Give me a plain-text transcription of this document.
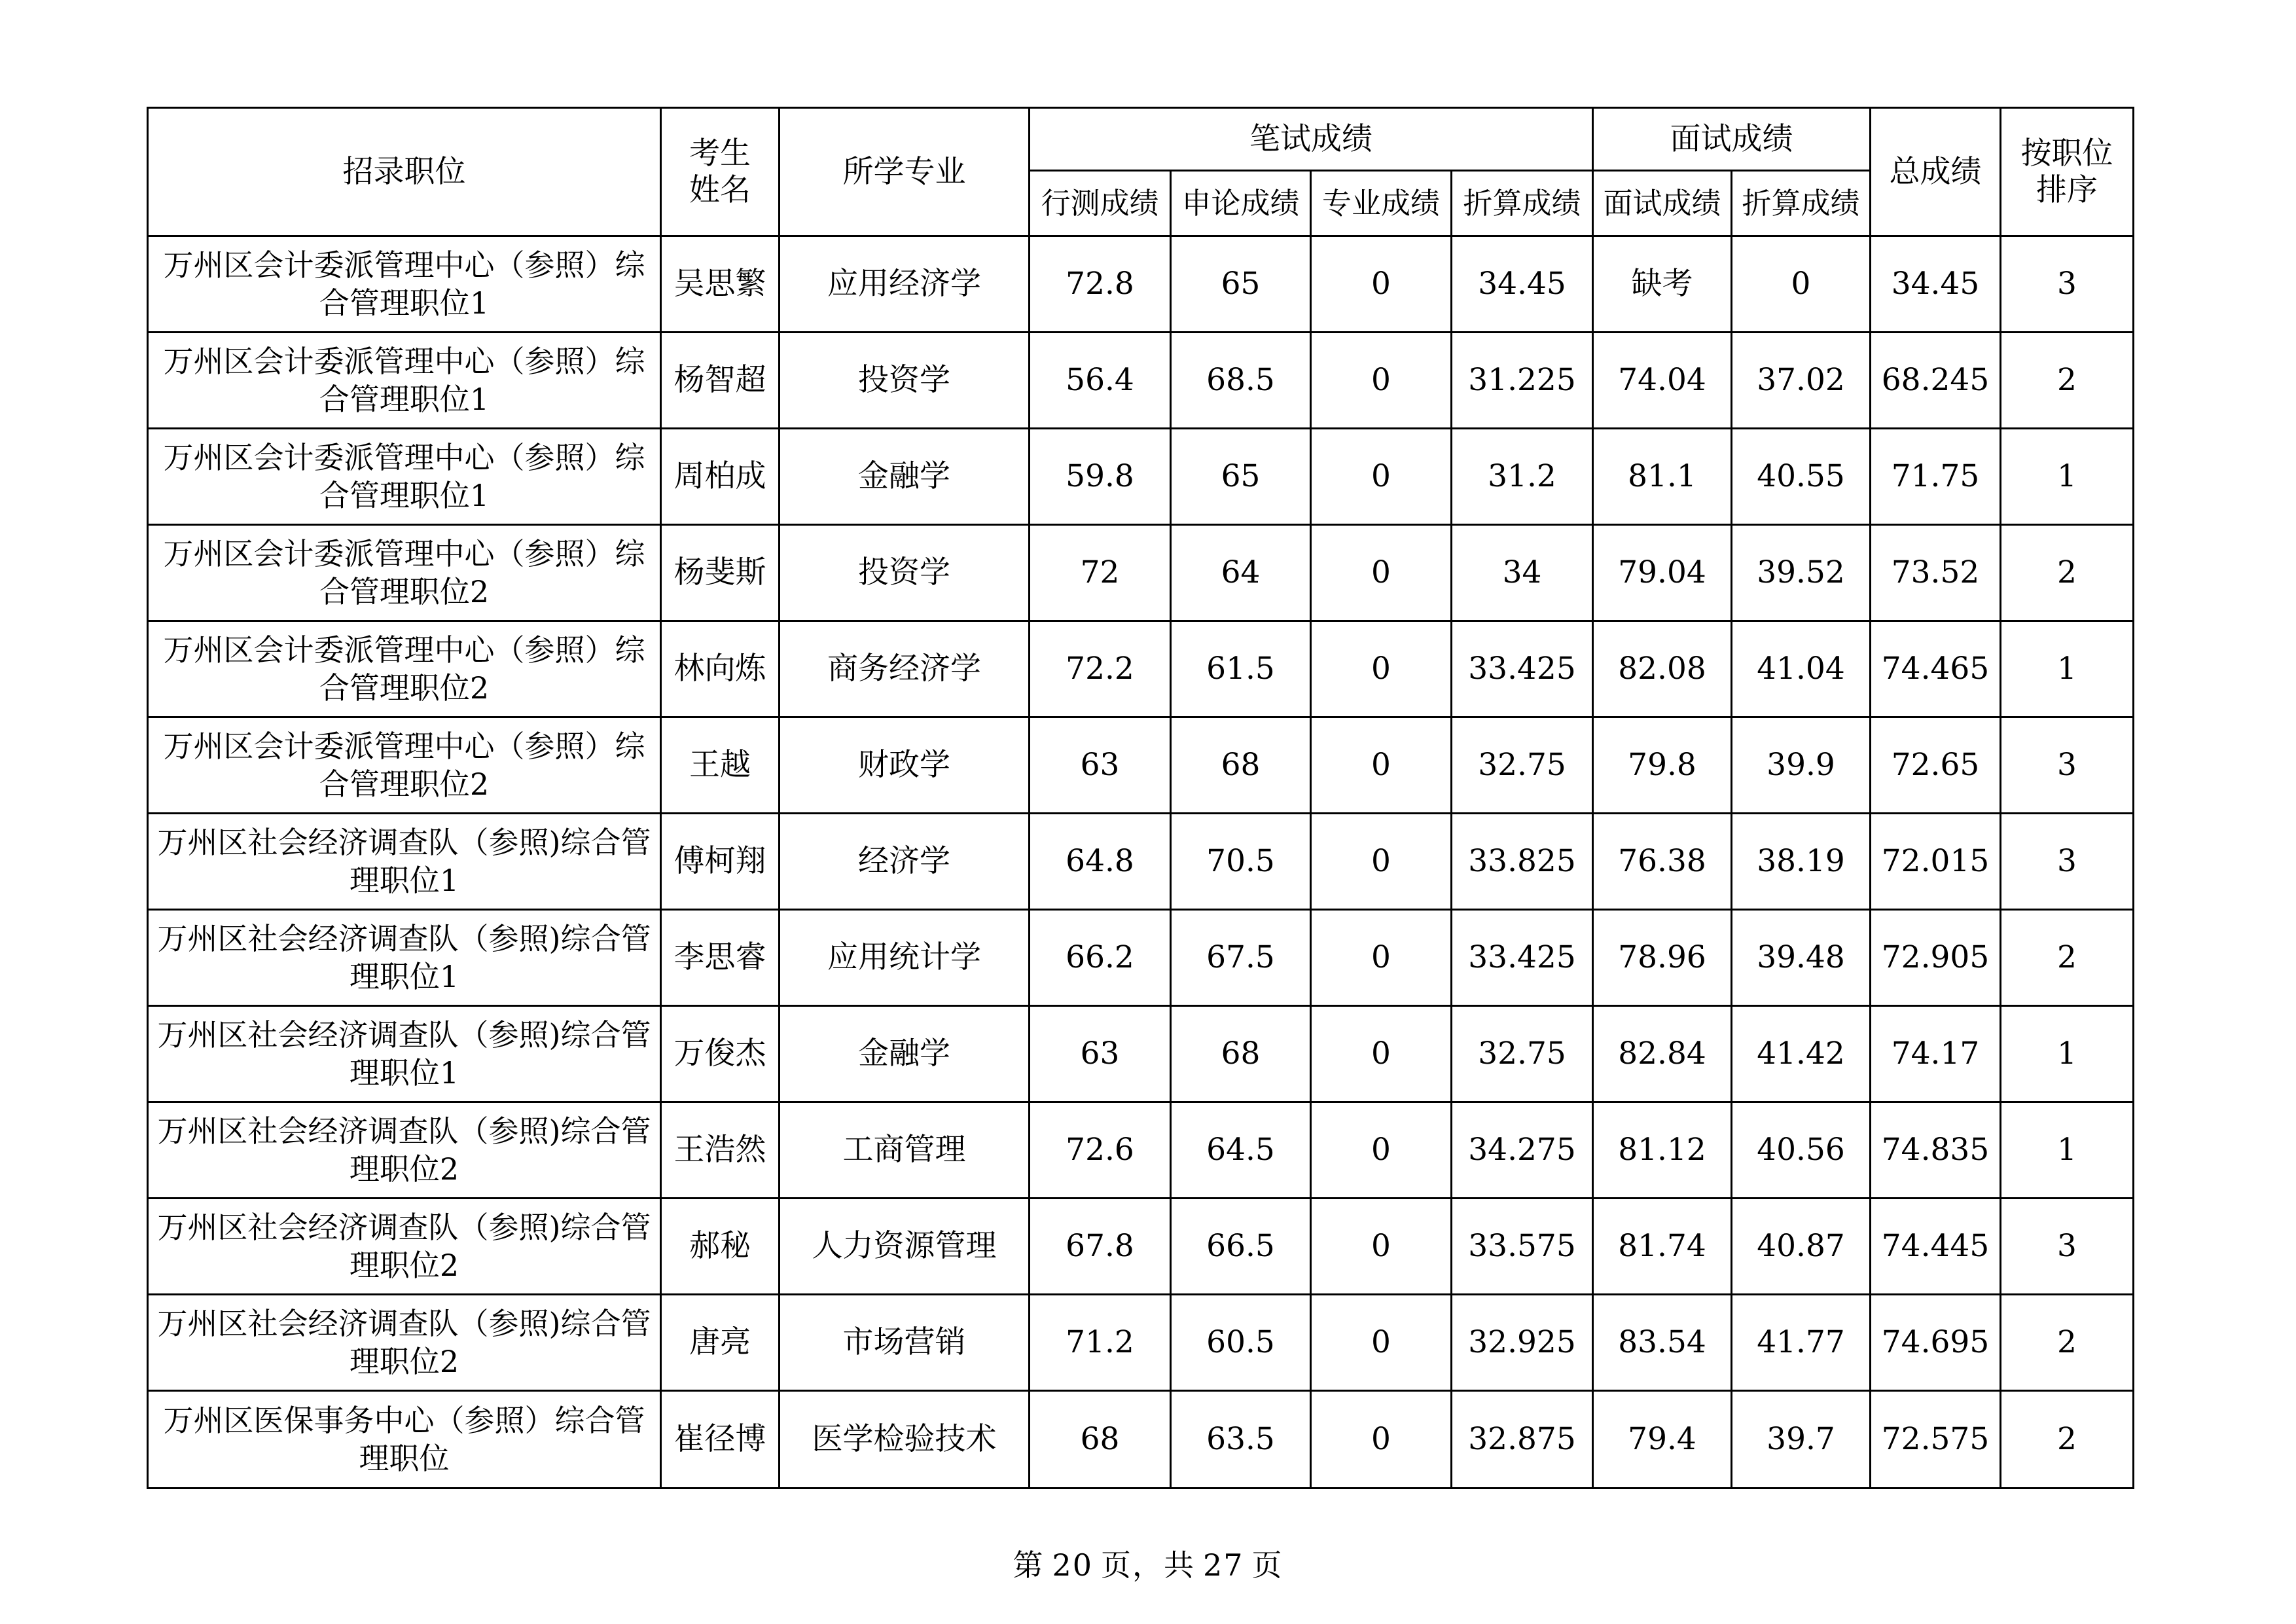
招录职位	考生姓名	所学专业	笔试成绩				面试成绩		总成绩	按职位排序

			行测成绩	申论成绩	专业成绩	折算成绩	面试成绩	折算成绩		
万州区会计委派管理中心（参照）综合管理职位1	吴思繁	应用经济学	72.8	65	0	34.45	缺考	0	34.45	3
万州区会计委派管理中心（参照）综合管理职位1	杨智超	投资学	56.4	68.5	0	31.225	74.04	37.02	68.245	2
万州区会计委派管理中心（参照）综合管理职位1	周柏成	金融学	59.8	65	0	31.2	81.1	40.55	71.75	1
万州区会计委派管理中心（参照）综合管理职位2	杨斐斯	投资学	72	64	0	34	79.04	39.52	73.52	2
万州区会计委派管理中心（参照）综合管理职位2	林向炼	商务经济学	72.2	61.5	0	33.425	82.08	41.04	74.465	1
万州区会计委派管理中心（参照）综合管理职位2	王越	财政学	63	68	0	32.75	79.8	39.9	72.65	3
万州区社会经济调查队（参照)综合管理职位1	傅柯翔	经济学	64.8	70.5	0	33.825	76.38	38.19	72.015	3
万州区社会经济调查队（参照)综合管理职位1	李思睿	应用统计学	66.2	67.5	0	33.425	78.96	39.48	72.905	2
万州区社会经济调查队（参照)综合管理职位1	万俊杰	金融学	63	68	0	32.75	82.84	41.42	74.17	1
万州区社会经济调查队（参照)综合管理职位2	王浩然	工商管理	72.6	64.5	0	34.275	81.12	40.56	74.835	1
万州区社会经济调查队（参照)综合管理职位2	郝秘	人力资源管理	67.8	66.5	0	33.575	81.74	40.87	74.445	3
万州区社会经济调查队（参照)综合管理职位2	唐亮	市场营销	71.2	60.5	0	32.925	83.54	41.77	74.695	2
万州区医保事务中心（参照）综合管理职位	崔径博	医学检验技术	68	63.5	0	32.875	79.4	39.7	72.575	2
第 20 页，共 27 页
